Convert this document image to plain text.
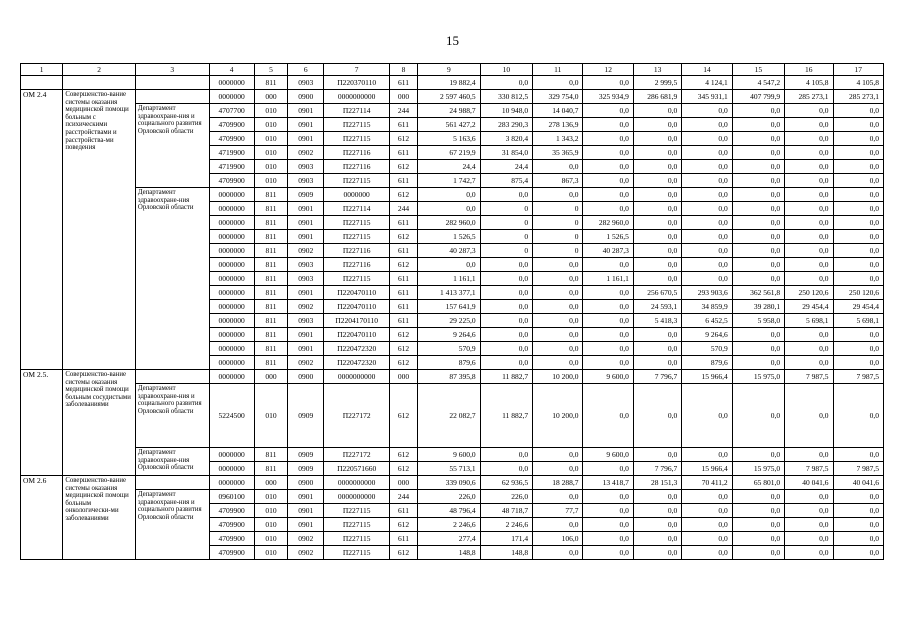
15
1	2	3	4	5	6	7	8	9	10	11	12	13	14	15	16	17
			0000000	811	0903	П220370110	611	19 882,4	0,0	0,0	0,0	2 999,5	4 124,1	4 547,2	4 105,8	4 105,8
ОМ 2.4	Совершенство-вание системы оказания медицинской помощи больным с психическими расстройствами и расстройства-ми поведения		0000000	000	0900	0000000000	000	2 597 460,5	330 812,5	329 754,0	325 934,9	286 681,9	345 931,1	407 799,9	285 273,1	285 273,1
		Департамент здравоохране-ния и социального развития Орловской области	4707700	010	0901	П227114	244	24 988,7	10 948,0	14 040,7	0,0	0,0	0,0	0,0	0,0	0,0
			4709900	010	0901	П227115	611	561 427,2	283 290,3	278 136,9	0,0	0,0	0,0	0,0	0,0	0,0
			4709900	010	0901	П227115	612	5 163,6	3 820,4	1 343,2	0,0	0,0	0,0	0,0	0,0	0,0
			4719900	010	0902	П227116	611	67 219,9	31 854,0	35 365,9	0,0	0,0	0,0	0,0	0,0	0,0
			4719900	010	0903	П227116	612	24,4	24,4	0,0	0,0	0,0	0,0	0,0	0,0	0,0
			4709900	010	0903	П227115	611	1 742,7	875,4	867,3	0,0	0,0	0,0	0,0	0,0	0,0
		Департамент здравоохране-ния Орловской области	0000000	811	0909	0000000	612	0,0	0,0	0,0	0,0	0,0	0,0	0,0	0,0	0,0
			0000000	811	0901	П227114	244	0,0	0	0	0,0	0,0	0,0	0,0	0,0	0,0
			0000000	811	0901	П227115	611	282 960,0	0	0	282 960,0	0,0	0,0	0,0	0,0	0,0
			0000000	811	0901	П227115	612	1 526,5	0	0	1 526,5	0,0	0,0	0,0	0,0	0,0
			0000000	811	0902	П227116	611	40 287,3	0	0	40 287,3	0,0	0,0	0,0	0,0	0,0
			0000000	811	0903	П227116	612	0,0	0,0	0,0	0,0	0,0	0,0	0,0	0,0	0,0
			0000000	811	0903	П227115	611	1 161,1	0,0	0,0	1 161,1	0,0	0,0	0,0	0,0	0,0
			0000000	811	0901	П220470110	611	1 413 377,1	0,0	0,0	0,0	256 670,5	293 903,6	362 561,8	250 120,6	250 120,6
			0000000	811	0902	П220470110	611	157 641,9	0,0	0,0	0,0	24 593,1	34 859,9	39 280,1	29 454,4	29 454,4
			0000000	811	0903	П2204170110	611	29 225,0	0,0	0,0	0,0	5 418,3	6 452,5	5 958,0	5 698,1	5 698,1
			0000000	811	0901	П220470110	612	9 264,6	0,0	0,0	0,0	0,0	9 264,6	0,0	0,0	0,0
			0000000	811	0901	П220472320	612	570,9	0,0	0,0	0,0	0,0	570,9	0,0	0,0	0,0
			0000000	811	0902	П220472320	612	879,6	0,0	0,0	0,0	0,0	879,6	0,0	0,0	0,0
ОМ 2.5.	Совершенство-вание системы оказания медицинской помощи больным сосудистыми заболеваниями		0000000	000	0900	0000000000	000	87 395,8	11 882,7	10 200,0	9 600,0	7 796,7	15 966,4	15 975,0	7 987,5	7 987,5
		Департамент здравоохране-ния и социального развития Орловской области	5224500	010	0909	П227172	612	22 082,7	11 882,7	10 200,0	0,0	0,0	0,0	0,0	0,0	0,0
		Департамент здравоохране-ния Орловской области	0000000	811	0909	П227172	612	9 600,0	0,0	0,0	9 600,0	0,0	0,0	0,0	0,0	0,0
			0000000	811	0909	П220571660	612	55 713,1	0,0	0,0	0,0	7 796,7	15 966,4	15 975,0	7 987,5	7 987,5
ОМ 2.6	Совершенство-вание системы оказания медицинской помощи больным онкологически-ми заболеваниями		0000000	000	0900	0000000000	000	339 090,6	62 936,5	18 288,7	13 418,7	28 151,3	70 411,2	65 801,0	40 041,6	40 041,6
		Департамент здравоохране-ния и социального развития Орловской области	0960100	010	0901	0000000000	244	226,0	226,0	0,0	0,0	0,0	0,0	0,0	0,0	0,0
			4709900	010	0901	П227115	611	48 796,4	48 718,7	77,7	0,0	0,0	0,0	0,0	0,0	0,0
			4709900	010	0901	П227115	612	2 246,6	2 246,6	0,0	0,0	0,0	0,0	0,0	0,0	0,0
			4709900	010	0902	П227115	611	277,4	171,4	106,0	0,0	0,0	0,0	0,0	0,0	0,0
			4709900	010	0902	П227115	612	148,8	148,8	0,0	0,0	0,0	0,0	0,0	0,0	0,0
